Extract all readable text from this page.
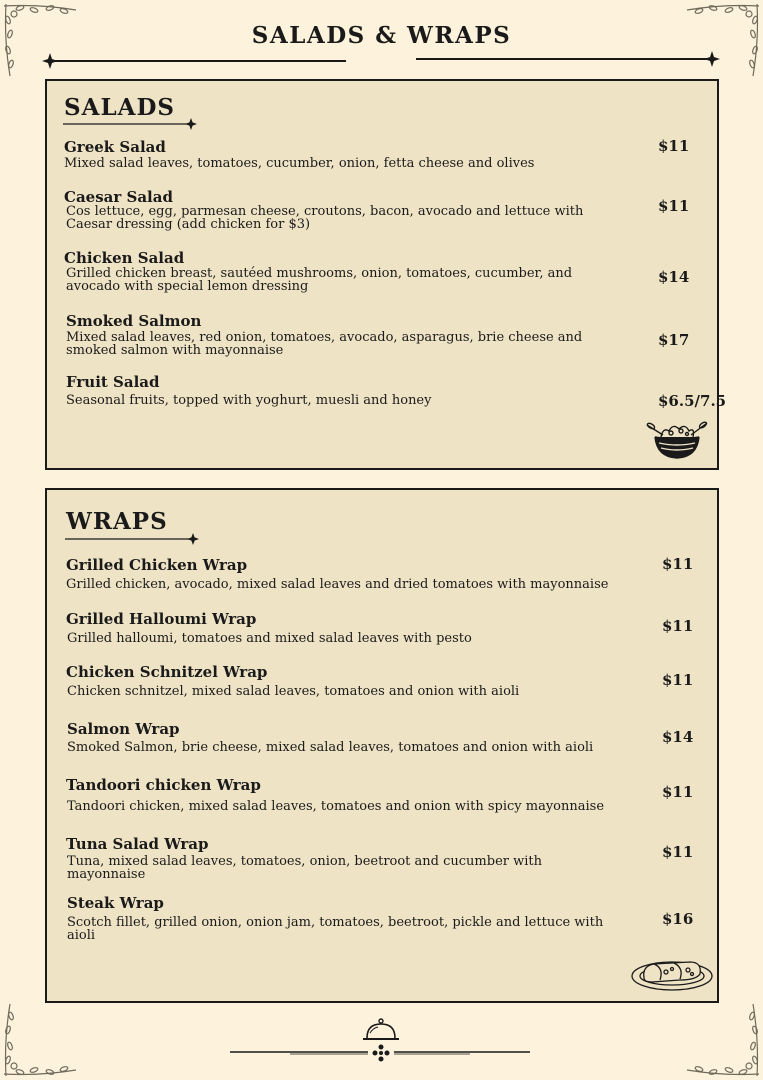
SALADS & WRAPS
SALADS
Greek Salad
Mixed salad leaves, tomatoes, cucumber, onion, fetta cheese and olives
$11
Caesar Salad
Cos lettuce, egg, parmesan cheese, croutons, bacon, avocado and lettuce with Caesar dressing (add chicken for $3)
$11
Chicken Salad
Grilled chicken breast, sautéed mushrooms, onion, tomatoes, cucumber, and avocado with special lemon dressing
$14
Smoked Salmon
Mixed salad leaves, red onion, tomatoes, avocado, asparagus, brie cheese and smoked salmon with mayonnaise
$17
Fruit Salad
Seasonal fruits, topped with yoghurt, muesli and honey	$6.5/7.5
WRAPS
Grilled Chicken Wrap
Grilled chicken, avocado, mixed salad leaves and dried tomatoes with mayonnaise
$11
Grilled Halloumi Wrap
Grilled halloumi, tomatoes and mixed salad leaves with pesto
$11
Chicken Schnitzel Wrap
Chicken schnitzel, mixed salad leaves, tomatoes and onion with aioli
$11
Salmon Wrap
Smoked Salmon, brie cheese, mixed salad leaves, tomatoes and onion with aioli
$14
Tandoori chicken Wrap
Tandoori chicken, mixed salad leaves, tomatoes and onion with spicy mayonnaise
$11
Tuna Salad Wrap
Tuna, mixed salad leaves, tomatoes, onion, beetroot and cucumber with mayonnaise
$11
Steak Wrap
Scotch fillet, grilled onion, onion jam, tomatoes, beetroot, pickle and lettuce with aioli
$16
